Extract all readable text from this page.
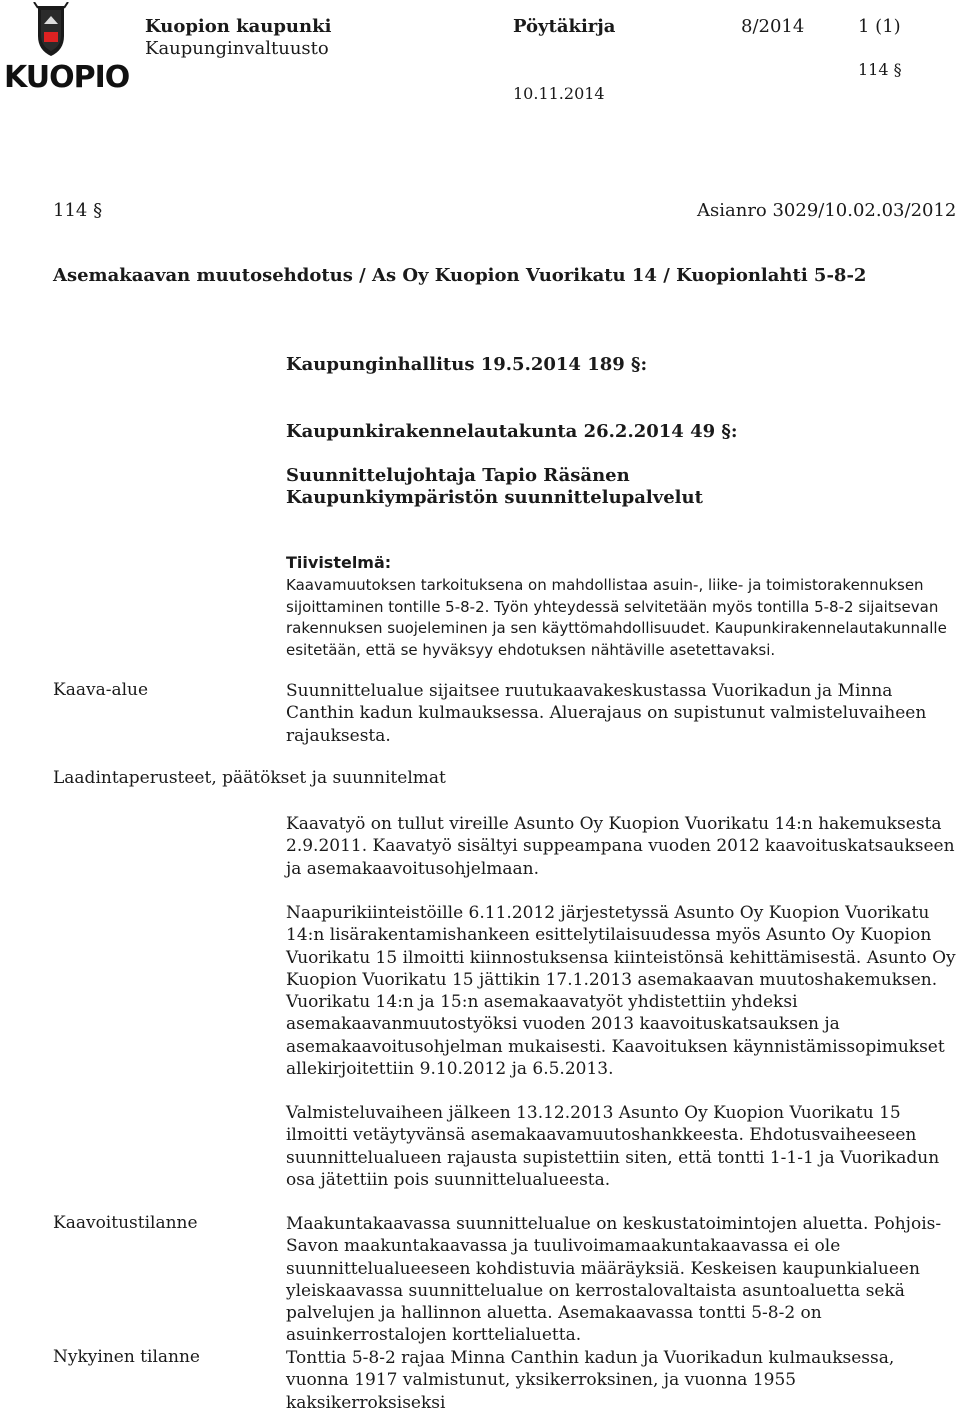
KUOPIO
Kuopion kaupunki
Kaupunginvaltuusto
Pöytäkirja	8/2014	1 (1)
114 §
10.11.2014
114 §	Asianro 3029/10.02.03/2012
Asemakaavan muutosehdotus / As Oy Kuopion Vuorikatu 14 / Kuopionlahti 5-8-2
Kaupunginhallitus 19.5.2014 189 §:
Kaupunkirakennelautakunta 26.2.2014 49 §:
Suunnittelujohtaja Tapio Räsänen
Kaupunkiympäristön suunnittelupalvelut
Tiivistelmä:

Kaavamuutoksen tarkoituksena on mahdollistaa asuin-, liike- ja toimistorakennuksen sijoittaminen tontille 5-8-2. Työn yhteydessä selvitetään myös tontilla 5-8-2 sijaitsevan rakennuksen suojeleminen ja sen käyttömahdollisuudet. Kaupunkirakennelautakunnalle esitetään, että se hyväksyy ehdotuksen nähtäville asetettavaksi.

Kaava-alue	Suunnittelualue sijaitsee ruutukaavakeskustassa Vuorikadun ja Minna Canthin kadun kulmauksessa. Aluerajaus on supistunut valmisteluvaiheen rajauksesta.

Laadintaperusteet, päätökset ja suunnitelmat

Kaavatyö on tullut vireille Asunto Oy Kuopion Vuorikatu 14:n hakemuksesta 2.9.2011. Kaavatyö sisältyi suppeampana vuoden 2012 kaavoituskatsaukseen ja asemakaavoitusohjelmaan.

Naapurikiinteistöille 6.11.2012 järjestetyssä Asunto Oy Kuopion Vuorikatu 14:n lisärakentamishankeen esittelytilaisuudessa myös Asunto Oy Kuopion Vuorikatu 15 ilmoitti kiinnostuksensa kiinteistönsä kehittämisestä. Asunto Oy Kuopion Vuorikatu 15 jättikin 17.1.2013 asemakaavan muutoshakemuksen. Vuorikatu 14:n ja 15:n asemakaavatyöt yhdistettiin yhdeksi asemakaavanmuutostyöksi vuoden 2013 kaavoituskatsauksen ja asemakaavoitusohjelman mukaisesti. Kaavoituksen käynnistämissopimukset allekirjoitettiin 9.10.2012 ja 6.5.2013.

Valmisteluvaiheen jälkeen 13.12.2013 Asunto Oy Kuopion Vuorikatu 15 ilmoitti vetäytyvänsä asemakaavamuutoshankkeesta. Ehdotusvaiheeseen suunnittelualueen rajausta supistettiin siten, että tontti 1-1-1 ja Vuorikadun osa jätettiin pois suunnittelualueesta.

Kaavoitustilanne	Maakuntakaavassa suunnittelualue on keskustatoimintojen aluetta. Pohjois-Savon maakuntakaavassa ja tuulivoimamaakuntakaavassa ei ole suunnittelualueeseen kohdistuvia määräyksiä. Keskeisen kaupunkialueen yleiskaavassa suunnittelualue on kerrostalovaltaista asuntoaluetta sekä palvelujen ja hallinnon aluetta. Asemakaavassa tontti 5-8-2 on asuinkerrostalojen korttelialuetta.

Nykyinen tilanne	Tonttia 5-8-2 rajaa Minna Canthin kadun ja Vuorikadun kulmauksessa, vuonna 1917 valmistunut, yksikerroksinen, ja vuonna 1955 kaksikerroksiseksi
